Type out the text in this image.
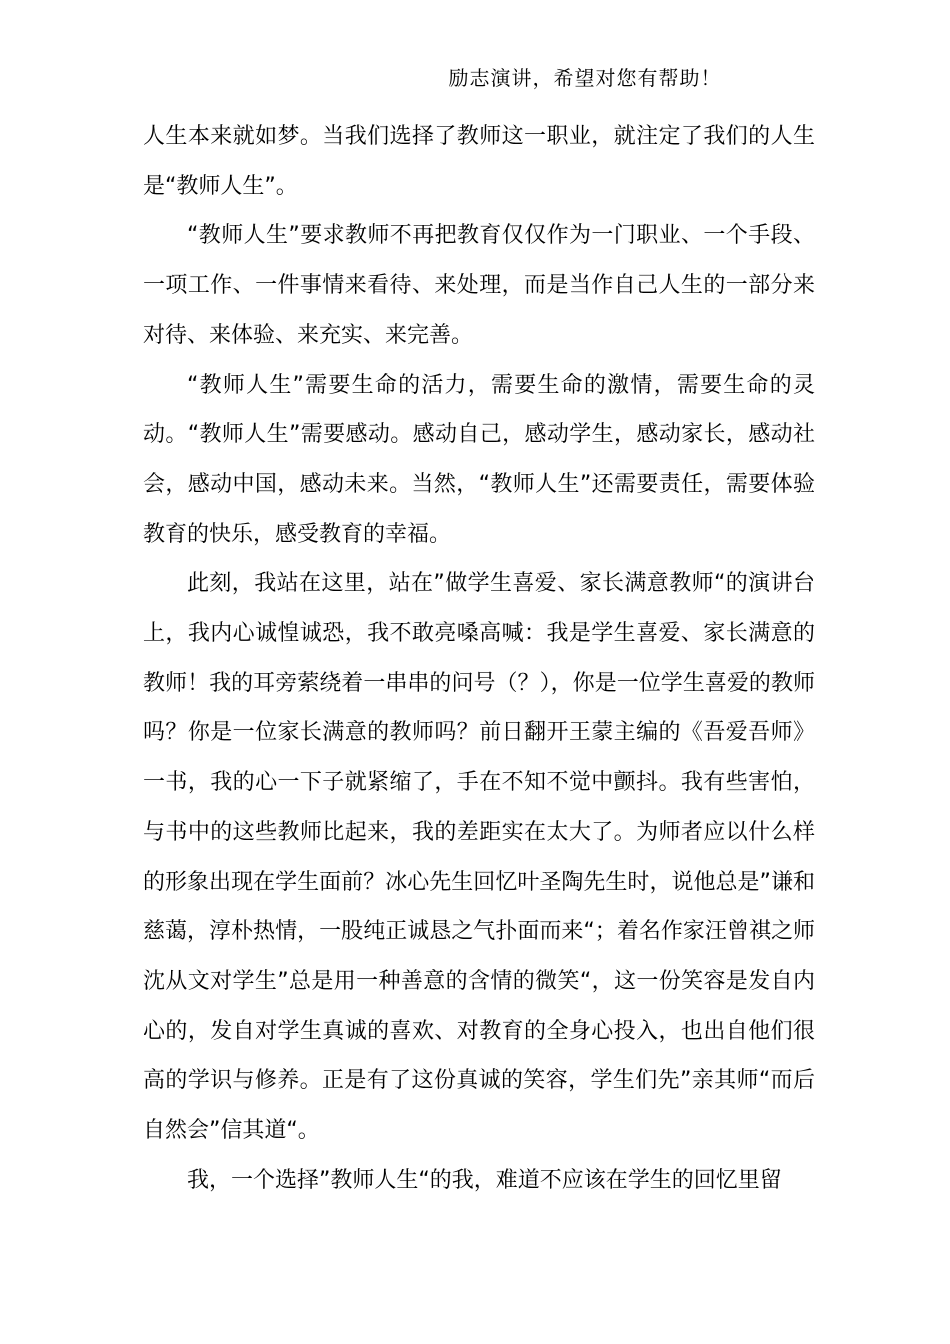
励志演讲，希望对您有帮助！

人生本来就如梦。当我们选择了教师这一职业，就注定了我们的人生是“教师人生”。

“教师人生”要求教师不再把教育仅仅作为一门职业、一个手段、一项工作、一件事情来看待、来处理，而是当作自己人生的一部分来对待、来体验、来充实、来完善。

“教师人生”需要生命的活力，需要生命的激情，需要生命的灵动。“教师人生”需要感动。感动自己，感动学生，感动家长，感动社会，感动中国，感动未来。当然，“教师人生”还需要责任，需要体验教育的快乐，感受教育的幸福。

此刻，我站在这里，站在”做学生喜爱、家长满意教师“的演讲台上，我内心诚惶诚恐，我不敢亮嗓高喊：我是学生喜爱、家长满意的教师！我的耳旁萦绕着一串串的问号（？），你是一位学生喜爱的教师吗？你是一位家长满意的教师吗？前日翻开王蒙主编的《吾爱吾师》一书，我的心一下子就紧缩了，手在不知不觉中颤抖。我有些害怕，与书中的这些教师比起来，我的差距实在太大了。为师者应以什么样的形象出现在学生面前？冰心先生回忆叶圣陶先生时，说他总是”谦和慈蔼，淳朴热情，一股纯正诚恳之气扑面而来“；着名作家汪曾祺之师沈从文对学生”总是用一种善意的含情的微笑“，这一份笑容是发自内心的，发自对学生真诚的喜欢、对教育的全身心投入，也出自他们很高的学识与修养。正是有了这份真诚的笑容，学生们先”亲其师“而后自然会”信其道“。

我，一个选择”教师人生“的我，难道不应该在学生的回忆里留
